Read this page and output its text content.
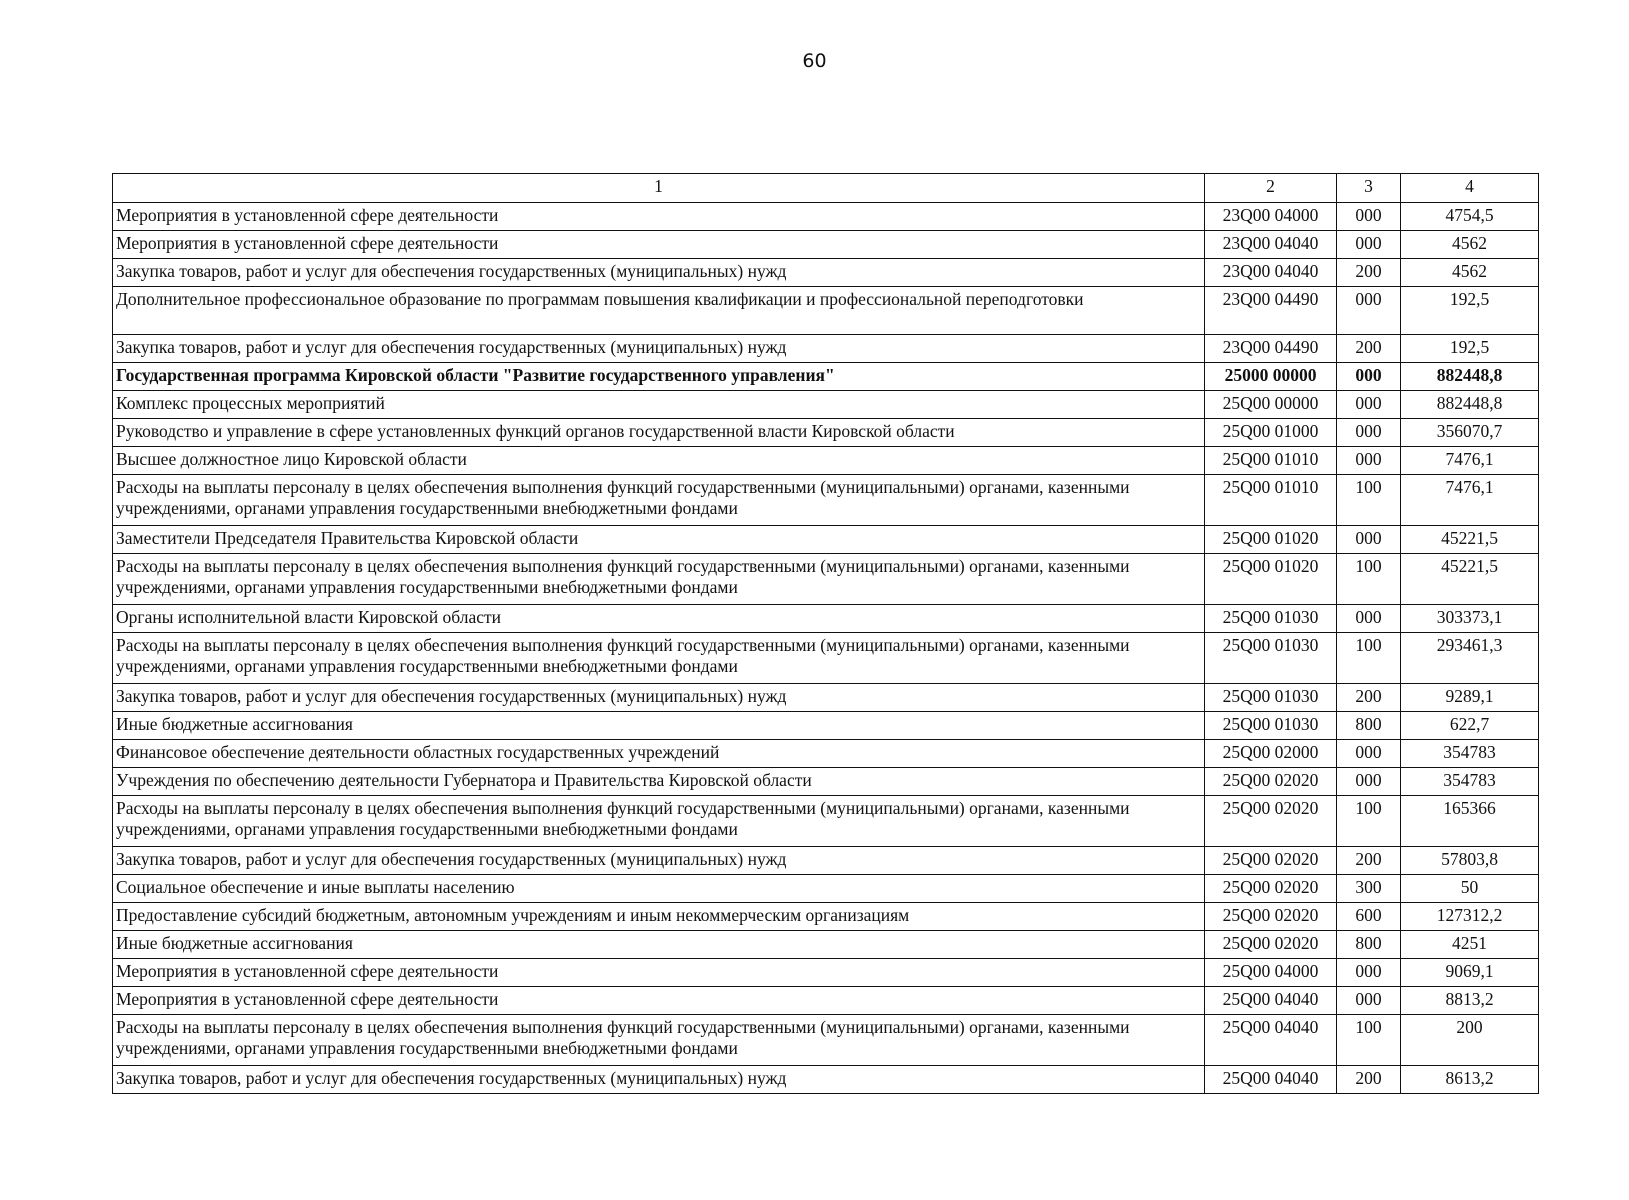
60
1	2	3	4
Мероприятия в установленной сфере деятельности	23Q00 04000	000	4754,5
Мероприятия в установленной сфере деятельности	23Q00 04040	000	4562
Закупка товаров, работ и услуг для обеспечения государственных (муниципальных) нужд	23Q00 04040	200	4562
Дополнительное профессиональное образование по программам повышения квалификации и профессиональной переподготовки	23Q00 04490	000	192,5
Закупка товаров, работ и услуг для обеспечения государственных (муниципальных) нужд	23Q00 04490	200	192,5
Государственная программа Кировской области "Развитие государственного управления"	25000 00000	000	882448,8
Комплекс процессных мероприятий	25Q00 00000	000	882448,8
Руководство и управление в сфере установленных функций органов государственной власти Кировской области	25Q00 01000	000	356070,7
Высшее должностное лицо Кировской области	25Q00 01010	000	7476,1
Расходы на выплаты персоналу в целях обеспечения выполнения функций государственными (муниципальными) органами, казенными учреждениями, органами управления государственными внебюджетными фондами	25Q00 01010	100	7476,1
Заместители Председателя Правительства Кировской области	25Q00 01020	000	45221,5
Расходы на выплаты персоналу в целях обеспечения выполнения функций государственными (муниципальными) органами, казенными учреждениями, органами управления государственными внебюджетными фондами	25Q00 01020	100	45221,5
Органы исполнительной власти Кировской области	25Q00 01030	000	303373,1
Расходы на выплаты персоналу в целях обеспечения выполнения функций государственными (муниципальными) органами, казенными учреждениями, органами управления государственными внебюджетными фондами	25Q00 01030	100	293461,3
Закупка товаров, работ и услуг для обеспечения государственных (муниципальных) нужд	25Q00 01030	200	9289,1
Иные бюджетные ассигнования	25Q00 01030	800	622,7
Финансовое обеспечение деятельности областных государственных учреждений	25Q00 02000	000	354783
Учреждения по обеспечению деятельности Губернатора и Правительства Кировской области	25Q00 02020	000	354783
Расходы на выплаты персоналу в целях обеспечения выполнения функций государственными (муниципальными) органами, казенными учреждениями, органами управления государственными внебюджетными фондами	25Q00 02020	100	165366
Закупка товаров, работ и услуг для обеспечения государственных (муниципальных) нужд	25Q00 02020	200	57803,8
Социальное обеспечение и иные выплаты населению	25Q00 02020	300	50
Предоставление субсидий бюджетным, автономным учреждениям и иным некоммерческим организациям	25Q00 02020	600	127312,2
Иные бюджетные ассигнования	25Q00 02020	800	4251
Мероприятия в установленной сфере деятельности	25Q00 04000	000	9069,1
Мероприятия в установленной сфере деятельности	25Q00 04040	000	8813,2
Расходы на выплаты персоналу в целях обеспечения выполнения функций государственными (муниципальными) органами, казенными учреждениями, органами управления государственными внебюджетными фондами	25Q00 04040	100	200
Закупка товаров, работ и услуг для обеспечения государственных (муниципальных) нужд	25Q00 04040	200	8613,2
